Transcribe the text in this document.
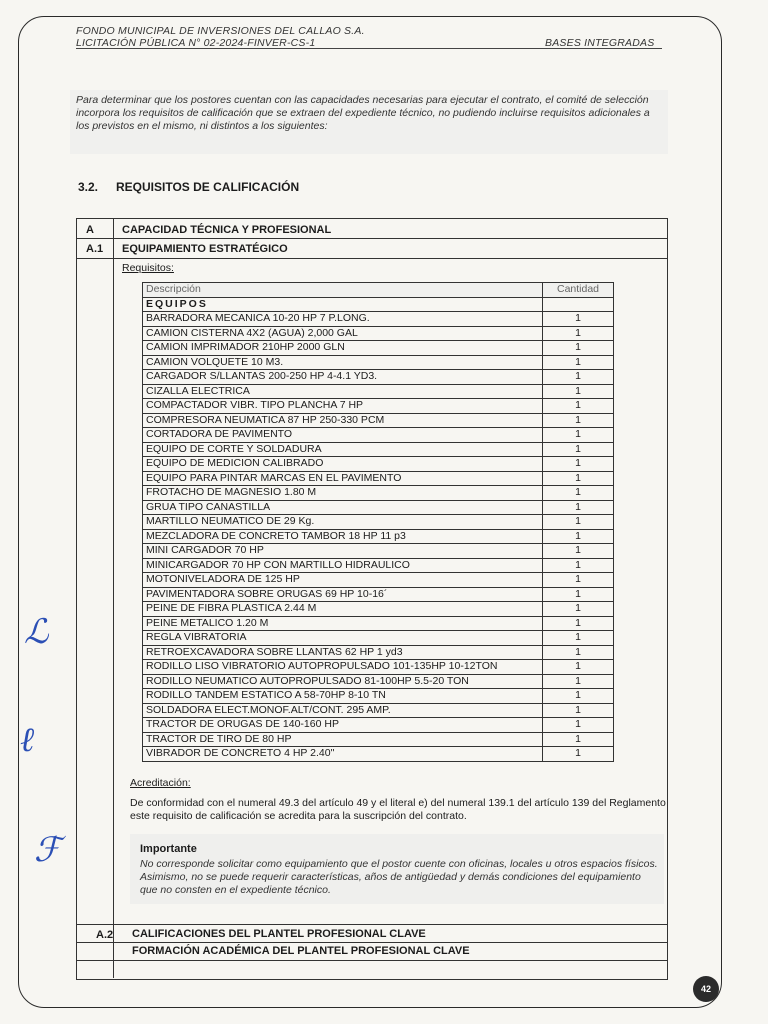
FONDO MUNICIPAL DE INVERSIONES DEL CALLAO S.A.
LICITACIÓN PÚBLICA N° 02-2024-FINVER-CS-1	BASES INTEGRADAS
Para determinar que los postores cuentan con las capacidades necesarias para ejecutar el contrato, el comité de selección incorpora los requisitos de calificación que se extraen del expediente técnico, no pudiendo incluirse requisitos adicionales a los previstos en el mismo, ni distintos a los siguientes:
3.2. REQUISITOS DE CALIFICACIÓN
A	CAPACIDAD TÉCNICA Y PROFESIONAL
A.1 EQUIPAMIENTO ESTRATÉGICO
Requisitos:
Descripción	Cantidad
EQUIPOS	
BARRADORA MECANICA 10-20 HP 7 P.LONG.	1
CAMION CISTERNA 4X2 (AGUA) 2,000 GAL	1
CAMION IMPRIMADOR 210HP 2000 GLN	1
CAMION VOLQUETE 10 M3.	1
CARGADOR S/LLANTAS 200-250 HP 4-4.1 YD3.	1
CIZALLA ELECTRICA	1
COMPACTADOR VIBR. TIPO PLANCHA 7 HP	1
COMPRESORA NEUMATICA 87 HP 250-330 PCM	1
CORTADORA DE PAVIMENTO	1
EQUIPO DE CORTE Y SOLDADURA	1
EQUIPO DE MEDICION CALIBRADO	1
EQUIPO PARA PINTAR MARCAS EN EL PAVIMENTO	1
FROTACHO DE MAGNESIO 1.80 M	1
GRUA TIPO CANASTILLA	1
MARTILLO NEUMATICO DE 29 Kg.	1
MEZCLADORA DE CONCRETO TAMBOR 18 HP 11 p3	1
MINI CARGADOR 70 HP	1
MINICARGADOR 70 HP CON MARTILLO HIDRAULICO	1
MOTONIVELADORA DE 125 HP	1
PAVIMENTADORA SOBRE ORUGAS 69 HP 10-16´	1
PEINE DE FIBRA PLASTICA 2.44 M	1
PEINE METALICO 1.20 M	1
REGLA VIBRATORIA	1
RETROEXCAVADORA SOBRE LLANTAS 62 HP 1 yd3	1
RODILLO LISO VIBRATORIO AUTOPROPULSADO 101-135HP 10-12TON	1
RODILLO NEUMATICO AUTOPROPULSADO 81-100HP 5.5-20 TON	1
RODILLO TANDEM ESTATICO A 58-70HP 8-10 TN	1
SOLDADORA ELECT.MONOF.ALT/CONT. 295 AMP.	1
TRACTOR DE ORUGAS DE 140-160 HP	1
TRACTOR DE TIRO DE 80 HP	1
VIBRADOR DE CONCRETO 4 HP 2.40"	1
Acreditación:
De conformidad con el numeral 49.3 del artículo 49 y el literal e) del numeral 139.1 del artículo 139 del Reglamento este requisito de calificación se acredita para la suscripción del contrato.
Importante
No corresponde solicitar como equipamiento que el postor cuente con oficinas, locales u otros espacios físicos. Asimismo, no se puede requerir características, años de antigüedad y demás condiciones del equipamiento que no consten en el expediente técnico.
A.2 CALIFICACIONES DEL PLANTEL PROFESIONAL CLAVE
FORMACIÓN ACADÉMICA DEL PLANTEL PROFESIONAL CLAVE
ℒ
ℓ
ℱ
42
